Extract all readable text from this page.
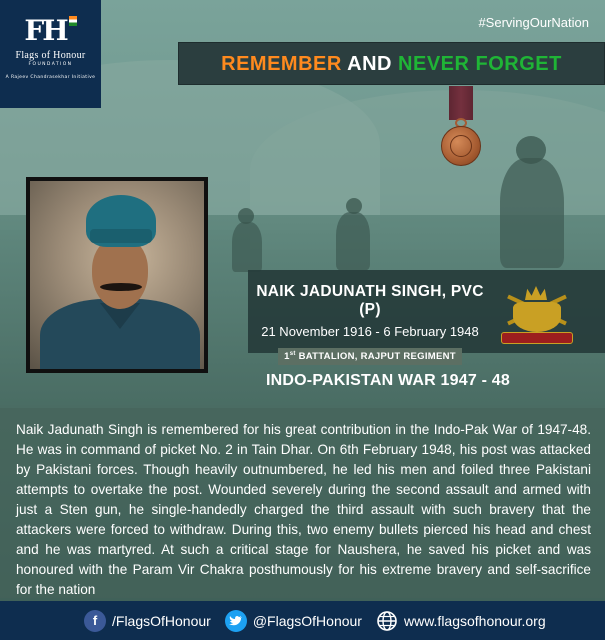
FH
Flags of Honour
FOUNDATION
A Rajeev Chandrasekhar Initiative
#ServingOurNation
REMEMBER AND NEVER FORGET
NAIK JADUNATH SINGH, PVC (P)
21 November 1916 - 6 February 1948
1st BATTALION, RAJPUT REGIMENT
INDO-PAKISTAN WAR 1947 - 48
Naik Jadunath Singh is remembered for his great contribution in the Indo-Pak War of 1947-48. He was in command of picket No. 2 in Tain Dhar. On 6th February 1948, his post was attacked by Pakistani forces. Though heavily outnumbered, he led his men and foiled three Pakistani attempts to overtake the post. Wounded severely during the second assault and armed with just a Sten gun, he single-handedly charged the third assault with such bravery that the attackers were forced to withdraw. During this, two enemy bullets pierced his head and chest and he was martyred. At such a critical stage for Naushera, he saved his picket and was honoured with the Param Vir Chakra posthumously for his extreme bravery and self-sacrifice for the nation
f	/FlagsOfHonour	@FlagsOfHonour	www.flagsofhonour.org
